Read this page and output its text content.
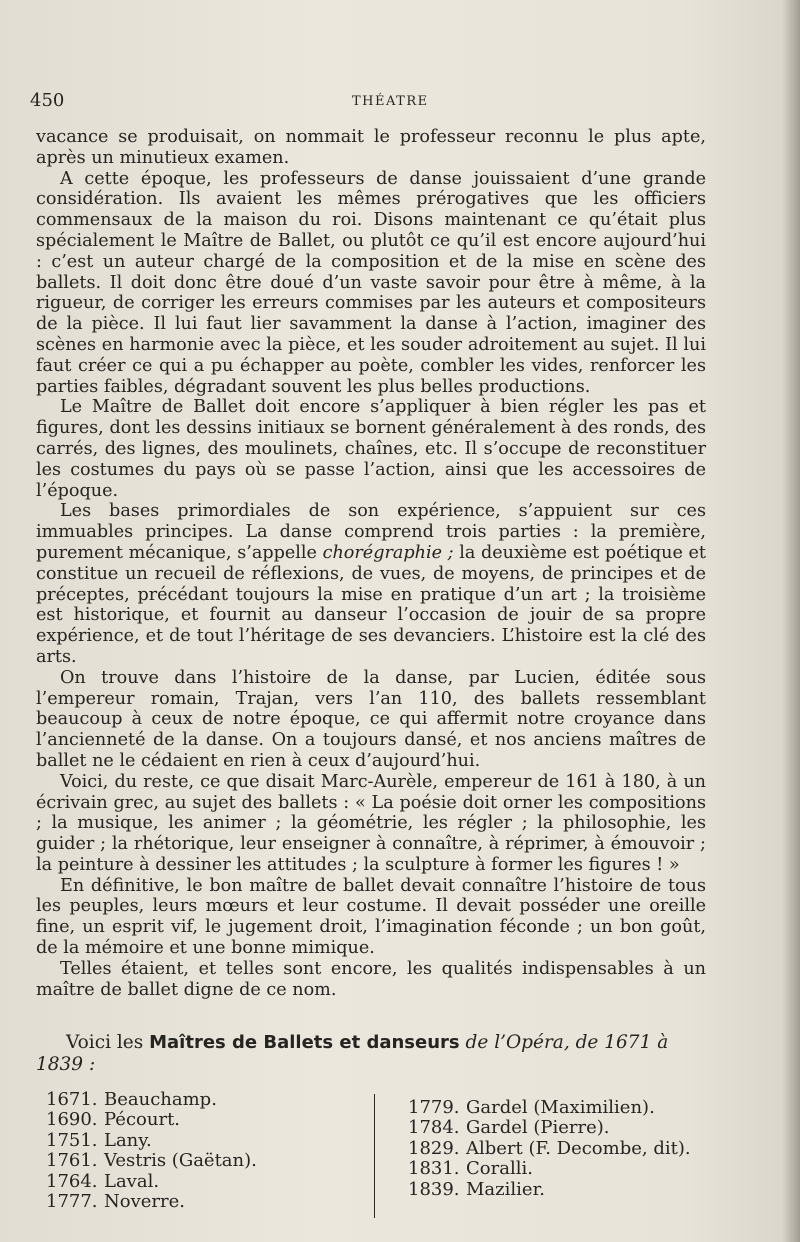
450	THÉATRE

vacance se produisait, on nommait le professeur reconnu le plus apte, après un minutieux examen.

A cette époque, les professeurs de danse jouissaient d’une grande considération. Ils avaient les mêmes prérogatives que les officiers commensaux de la maison du roi. Disons maintenant ce qu’était plus spécialement le Maître de Ballet, ou plutôt ce qu’il est encore aujourd’hui : c’est un auteur chargé de la composition et de la mise en scène des ballets. Il doit donc être doué d’un vaste savoir pour être à même, à la rigueur, de corriger les erreurs commises par les auteurs et compositeurs de la pièce. Il lui faut lier savamment la danse à l’action, imaginer des scènes en harmonie avec la pièce, et les souder adroitement au sujet. Il lui faut créer ce qui a pu échapper au poète, combler les vides, renforcer les parties faibles, dégradant souvent les plus belles productions.

Le Maître de Ballet doit encore s’appliquer à bien régler les pas et figures, dont les dessins initiaux se bornent généralement à des ronds, des carrés, des lignes, des moulinets, chaînes, etc. Il s’occupe de reconstituer les costumes du pays où se passe l’action, ainsi que les accessoires de l’époque.

Les bases primordiales de son expérience, s’appuient sur ces immuables principes. La danse comprend trois parties : la première, purement mécanique, s’appelle chorégraphie ; la deuxième est poétique et constitue un recueil de réflexions, de vues, de moyens, de principes et de préceptes, précédant toujours la mise en pratique d’un art ; la troisième est historique, et fournit au danseur l’occasion de jouir de sa propre expérience, et de tout l’héritage de ses devanciers. L’histoire est la clé des arts.

On trouve dans l’histoire de la danse, par Lucien, éditée sous l’empereur romain, Trajan, vers l’an 110, des ballets ressemblant beaucoup à ceux de notre époque, ce qui affermit notre croyance dans l’ancienneté de la danse. On a toujours dansé, et nos anciens maîtres de ballet ne le cédaient en rien à ceux d’aujourd’hui.

Voici, du reste, ce que disait Marc-Aurèle, empereur de 161 à 180, à un écrivain grec, au sujet des ballets : « La poésie doit orner les compositions ; la musique, les animer ; la géométrie, les régler ; la philosophie, les guider ; la rhétorique, leur enseigner à connaître, à réprimer, à émouvoir ; la peinture à dessiner les attitudes ; la sculpture à former les figures ! »

En définitive, le bon maître de ballet devait connaître l’histoire de tous les peuples, leurs mœurs et leur costume. Il devait posséder une oreille fine, un esprit vif, le jugement droit, l’imagination féconde ; un bon goût, de la mémoire et une bonne mimique.

Telles étaient, et telles sont encore, les qualités indispensables à un maître de ballet digne de ce nom.

Voici les Maîtres de Ballets et danseurs de l’Opéra, de 1671 à 1839 :
1671. Beauchamp.
1690. Pécourt.
1751. Lany.
1761. Vestris (Gaëtan).
1764. Laval.
1777. Noverre.
1779. Gardel (Maximilien).
1784. Gardel (Pierre).
1829. Albert (F. Decombe, dit).
1831. Coralli.
1839. Mazilier.
